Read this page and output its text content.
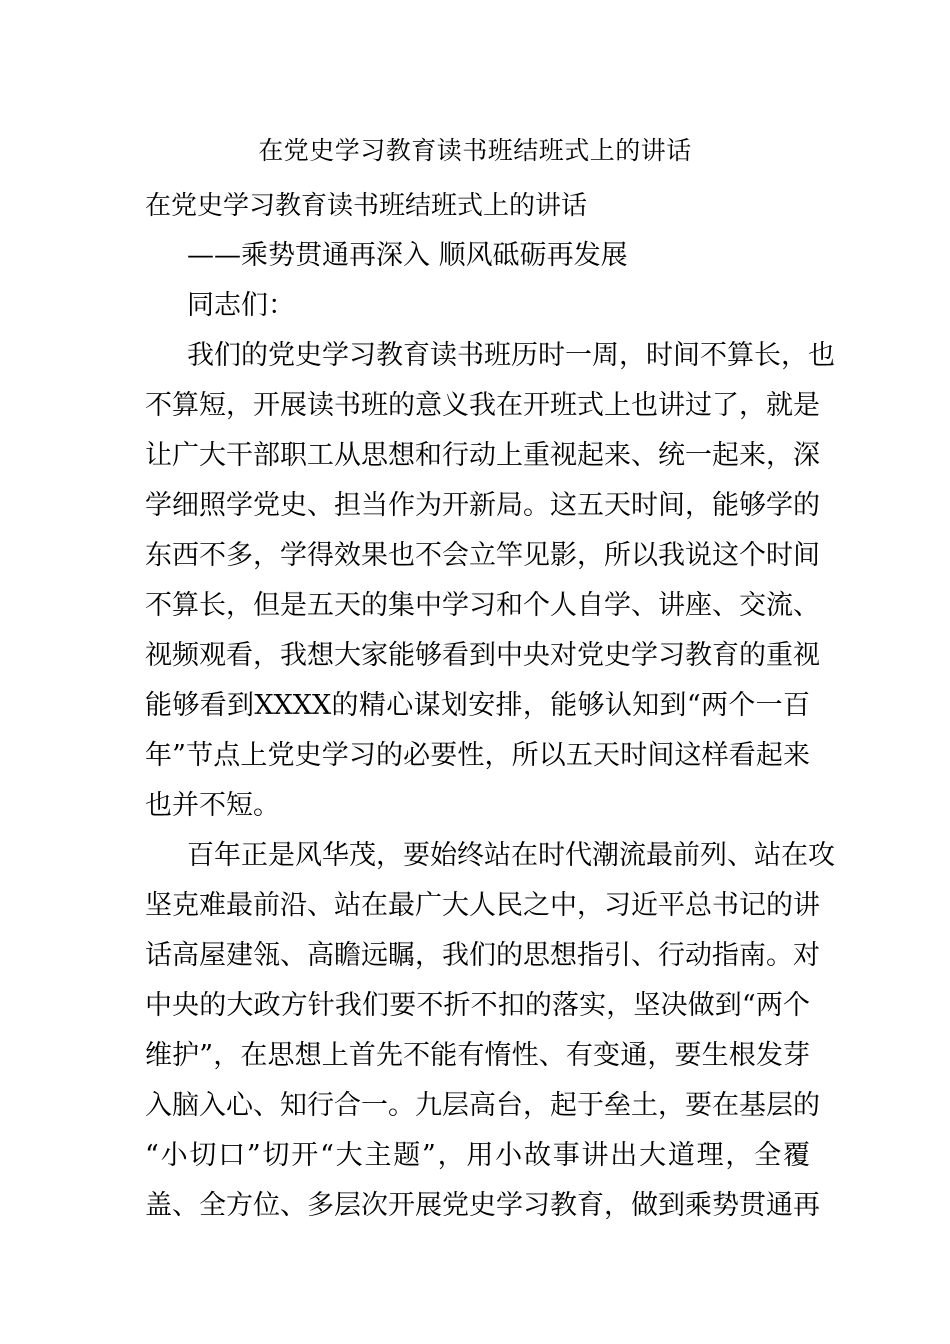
在党史学习教育读书班结班式上的讲话
在党史学习教育读书班结班式上的讲话
——乘势贯通再深入 顺风砥砺再发展
同志们：
我们的党史学习教育读书班历时一周，时间不算长，也
不算短，开展读书班的意义我在开班式上也讲过了，就是
让广大干部职工从思想和行动上重视起来、统一起来，深
学细照学党史、担当作为开新局。这五天时间，能够学的
东西不多，学得效果也不会立竿见影，所以我说这个时间
不算长，但是五天的集中学习和个人自学、讲座、交流、
视频观看，我想大家能够看到中央对党史学习教育的重视
能够看到XXXX的精心谋划安排，能够认知到“两个一百
年”节点上党史学习的必要性，所以五天时间这样看起来
也并不短。
百年正是风华茂，要始终站在时代潮流最前列、站在攻
坚克难最前沿、站在最广大人民之中，习近平总书记的讲
话高屋建瓴、高瞻远瞩，我们的思想指引、行动指南。对
中央的大政方针我们要不折不扣的落实，坚决做到“两个
维护”，在思想上首先不能有惰性、有变通，要生根发芽
入脑入心、知行合一。九层高台，起于垒土，要在基层的
“小切口”切开“大主题”，用小故事讲出大道理，全覆
盖、全方位、多层次开展党史学习教育，做到乘势贯通再
